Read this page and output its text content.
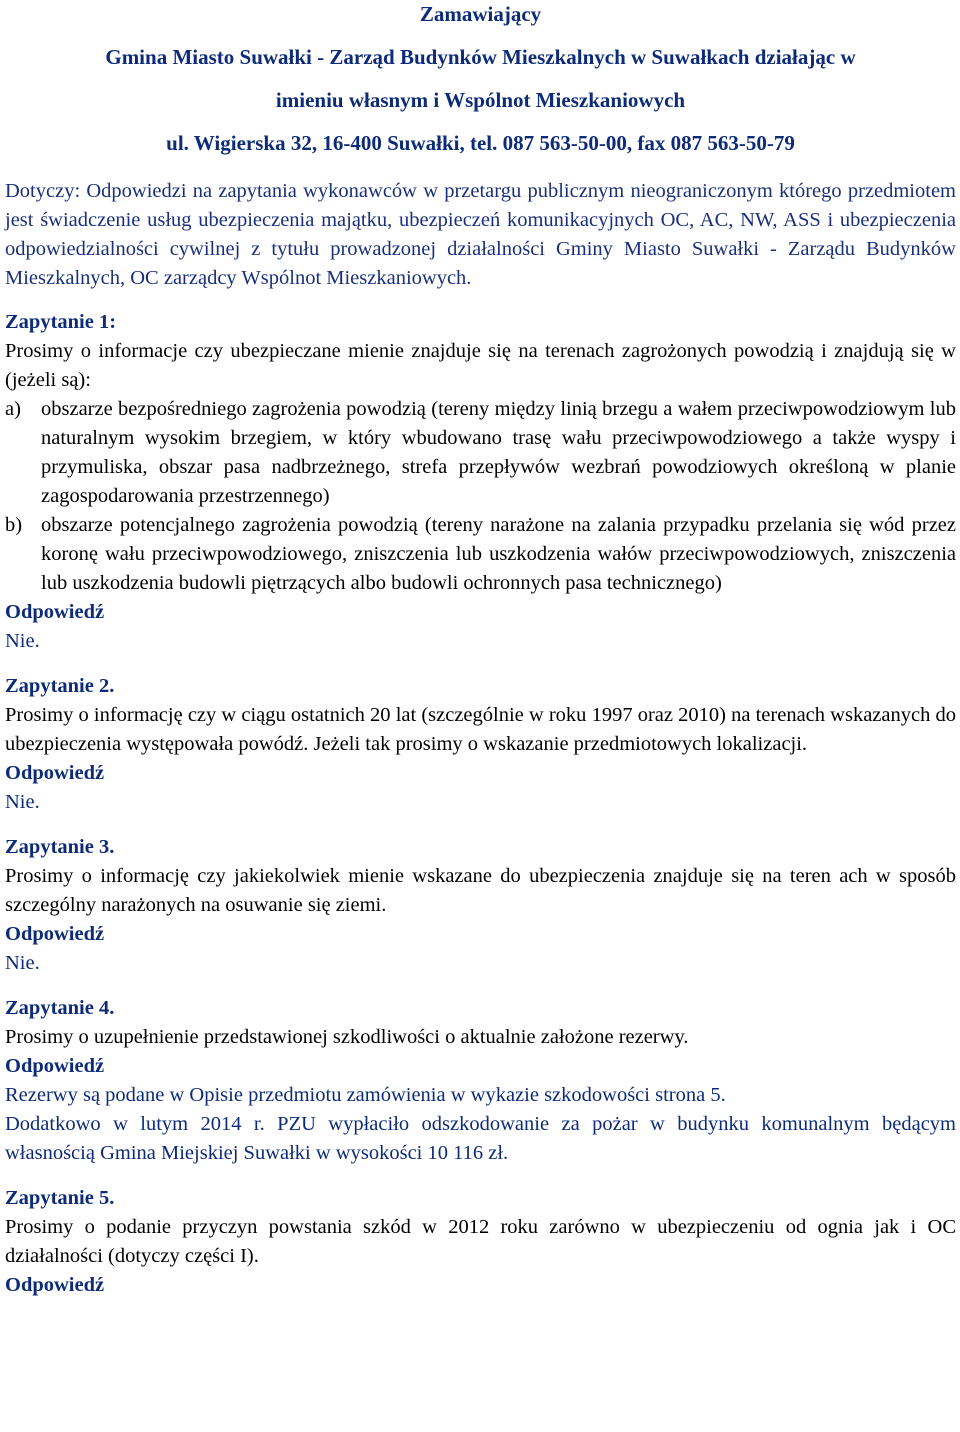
Zamawiający
Gmina Miasto Suwałki - Zarząd Budynków Mieszkalnych w Suwałkach działając w
imieniu własnym i Wspólnot Mieszkaniowych
ul. Wigierska 32, 16-400 Suwałki, tel. 087 563-50-00, fax 087 563-50-79
Dotyczy: Odpowiedzi na zapytania wykonawców w przetargu publicznym nieograniczonym którego przedmiotem jest świadczenie usług ubezpieczenia majątku, ubezpieczeń komunikacyjnych OC, AC, NW, ASS i ubezpieczenia odpowiedzialności cywilnej z tytułu prowadzonej działalności Gminy Miasto Suwałki - Zarządu Budynków Mieszkalnych, OC zarządcy Wspólnot Mieszkaniowych.
Zapytanie 1:
Prosimy o informacje czy ubezpieczane mienie znajduje się na terenach zagrożonych powodzią i znajdują się w (jeżeli są):
a) obszarze bezpośredniego zagrożenia powodzią (tereny między linią brzegu a wałem przeciwpowodziowym lub naturalnym wysokim brzegiem, w który wbudowano trasę wału przeciwpowodziowego a także wyspy i przymuliska, obszar pasa nadbrzeżnego, strefa przepływów wezbrań powodziowych określoną w planie zagospodarowania przestrzennego)
b) obszarze potencjalnego zagrożenia powodzią (tereny narażone na zalania przypadku przelania się wód przez koronę wału przeciwpowodziowego, zniszczenia lub uszkodzenia wałów przeciwpowodziowych, zniszczenia lub uszkodzenia budowli piętrzących albo budowli ochronnych pasa technicznego)
Odpowiedź
Nie.
Zapytanie 2.
Prosimy o informację czy w ciągu ostatnich 20 lat (szczególnie w roku 1997 oraz 2010) na terenach wskazanych do ubezpieczenia występowała powódź. Jeżeli tak prosimy o wskazanie przedmiotowych lokalizacji.
Odpowiedź
Nie.
Zapytanie 3.
Prosimy o informację czy jakiekolwiek mienie wskazane do ubezpieczenia znajduje się na teren ach w sposób szczególny narażonych na osuwanie się ziemi.
Odpowiedź
Nie.
Zapytanie 4.
Prosimy o uzupełnienie przedstawionej szkodliwości o aktualnie założone rezerwy.
Odpowiedź
Rezerwy są podane w Opisie przedmiotu zamówienia w wykazie szkodowości strona 5.
Dodatkowo w lutym 2014 r. PZU wypłaciło odszkodowanie za pożar w budynku komunalnym będącym własnością Gmina Miejskiej Suwałki w wysokości 10 116 zł.
Zapytanie 5.
Prosimy o podanie przyczyn powstania szkód w 2012 roku zarówno w ubezpieczeniu od ognia jak i OC działalności (dotyczy części I).
Odpowiedź
